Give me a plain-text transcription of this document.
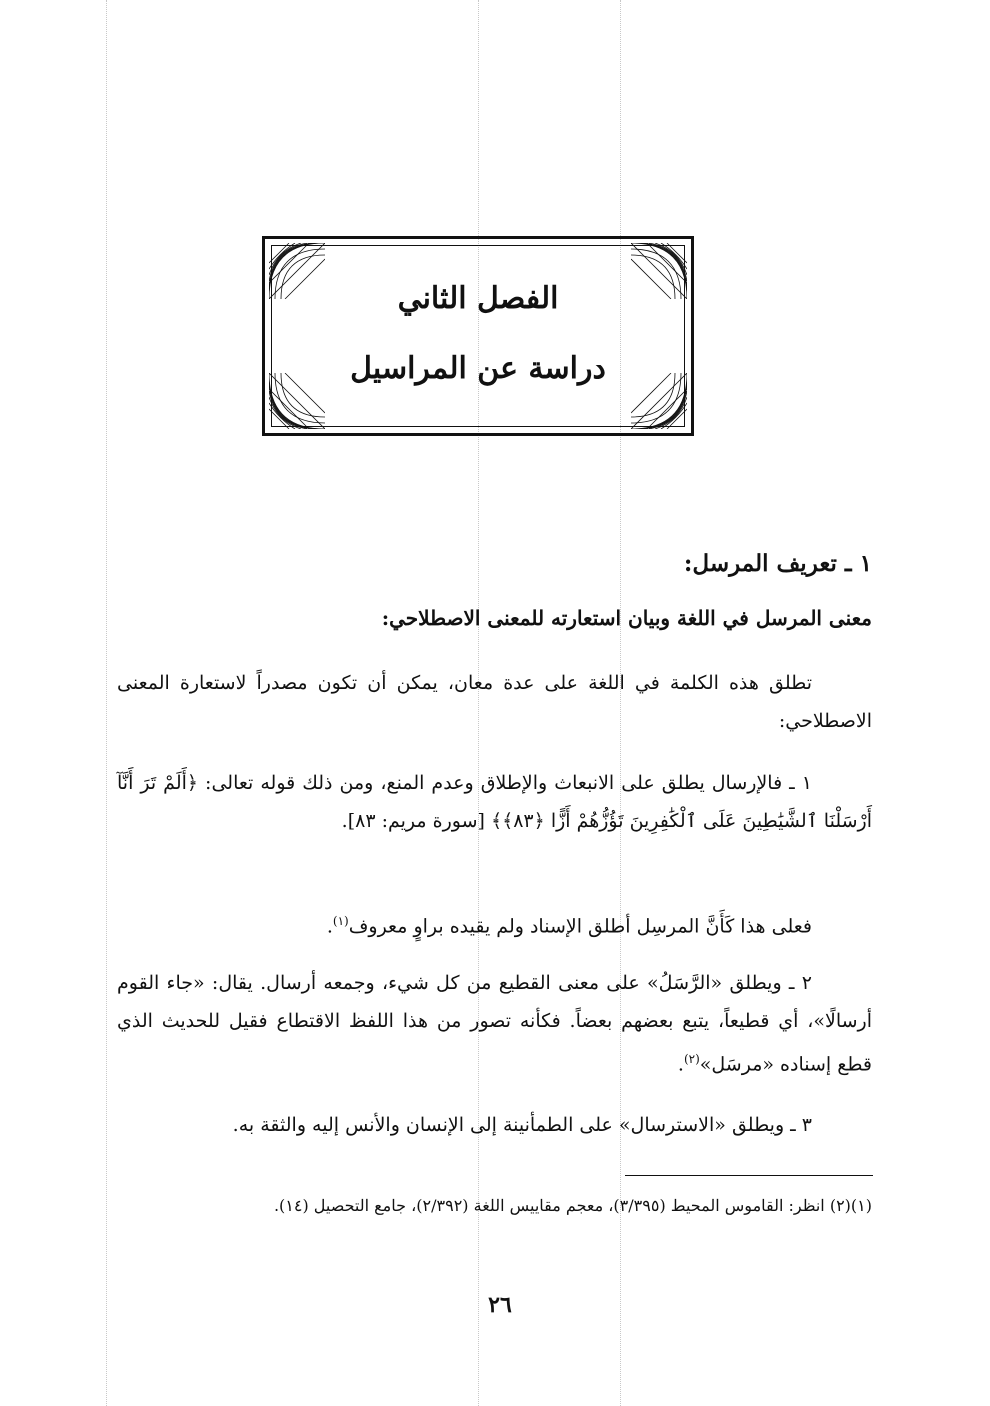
الفصل الثاني
دراسة عن المراسيل
١ ـ تعريف المرسل:
معنى المرسل في اللغة وبيان استعارته للمعنى الاصطلاحي:
تطلق هذه الكلمة في اللغة على عدة معان، يمكن أن تكون مصدراً لاستعارة المعنى الاصطلاحي:
١ ـ فالإرسال يطلق على الانبعاث والإطلاق وعدم المنع، ومن ذلك قوله تعالى: ﴿أَلَمْ تَرَ أَنَّآ أَرْسَلْنَا ٱلشَّيَٰطِينَ عَلَى ٱلْكَٰفِرِينَ تَؤُزُّهُمْ أَزًّا ﴿٨٣﴾﴾ [سورة مريم: ٨٣].
فعلى هذا كَأَنَّ المرسِل أطلق الإسناد ولم يقيده براوٍ معروف$^{(١)}$.
٢ ـ ويطلق «الرَّسَلُ» على معنى القطيع من كل شيء، وجمعه أرسال. يقال: «جاء القوم أرسالًا»، أي قطيعاً، يتبع بعضهم بعضاً. فكأنه تصور من هذا اللفظ الاقتطاع فقيل للحديث الذي قطع إسناده «مرسَل»$^{(٢)}$.
٣ ـ ويطلق «الاسترسال» على الطمأنينة إلى الإنسان والأنس إليه والثقة به.
(١)(٢) انظر: القاموس المحيط (٣/٣٩٥)، معجم مقاييس اللغة (٢/٣٩٢)، جامع التحصيل (١٤).
٢٦
